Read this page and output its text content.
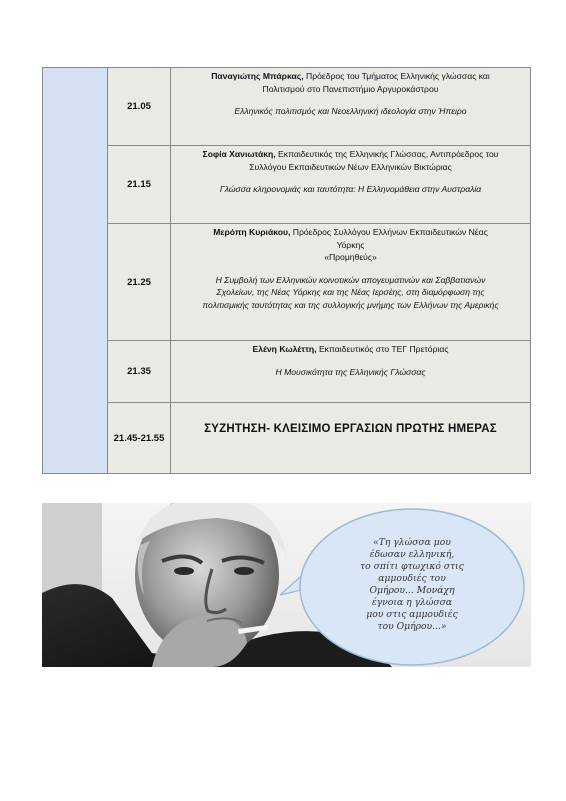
21.05
Παναγιώτης Μπάρκας, Πρόεδρος του Τμήματος Ελληνικής γλώσσας και
Πολιτισμού στο Πανεπιστήμιο Αργυροκάστρου
Ελληνικός πολιτισμός και Νεοελληνική ιδεολογία στην Ήπειρο
21.15
Σοφία Χανιωτάκη, Εκπαιδευτικός της Ελληνικής Γλώσσας, Αντιπρόεδρος του
Συλλόγου Εκπαιδευτικών Νέων Ελληνικών Βικτώριας
Γλώσσα κληρονομιάς και ταυτότητα: Η Ελληνομάθεια στην Αυστραλία
21.25
Μερόπη Κυριάκου, Πρόεδρος Συλλόγου Ελλήνων Εκπαιδευτικών Νέας
Υόρκης
«Προμηθεύς»
Η Συμβολή των Ελληνικών κοινοτικών απογευματινών και Σαββατιανών
Σχολείων, της Νέας Υόρκης και της Νέας Ιερσέης, στη διαμόρφωση της
πολιτισμικής ταυτότητας και της συλλογικής μνήμης των Ελλήνων της Αμερικής
21.35
Ελένη Κωλέττη, Εκπαιδευτικός στο ΤΕΓ Πρετόριας
Η Μουσικότητα της Ελληνικής Γλώσσας
21.45-21.55
ΣΥΖΗΤΗΣΗ- ΚΛΕΙΣΙΜΟ ΕΡΓΑΣΙΩΝ ΠΡΩΤΗΣ ΗΜΕΡΑΣ
«Τη γλώσσα μου
έδωσαν ελληνική,
το σπίτι φτωχικό στις
αμμουδιές του
Ομήρου... Μονάχη
έγνοια η γλώσσα
μου στις αμμουδιές
του Ομήρου...»
